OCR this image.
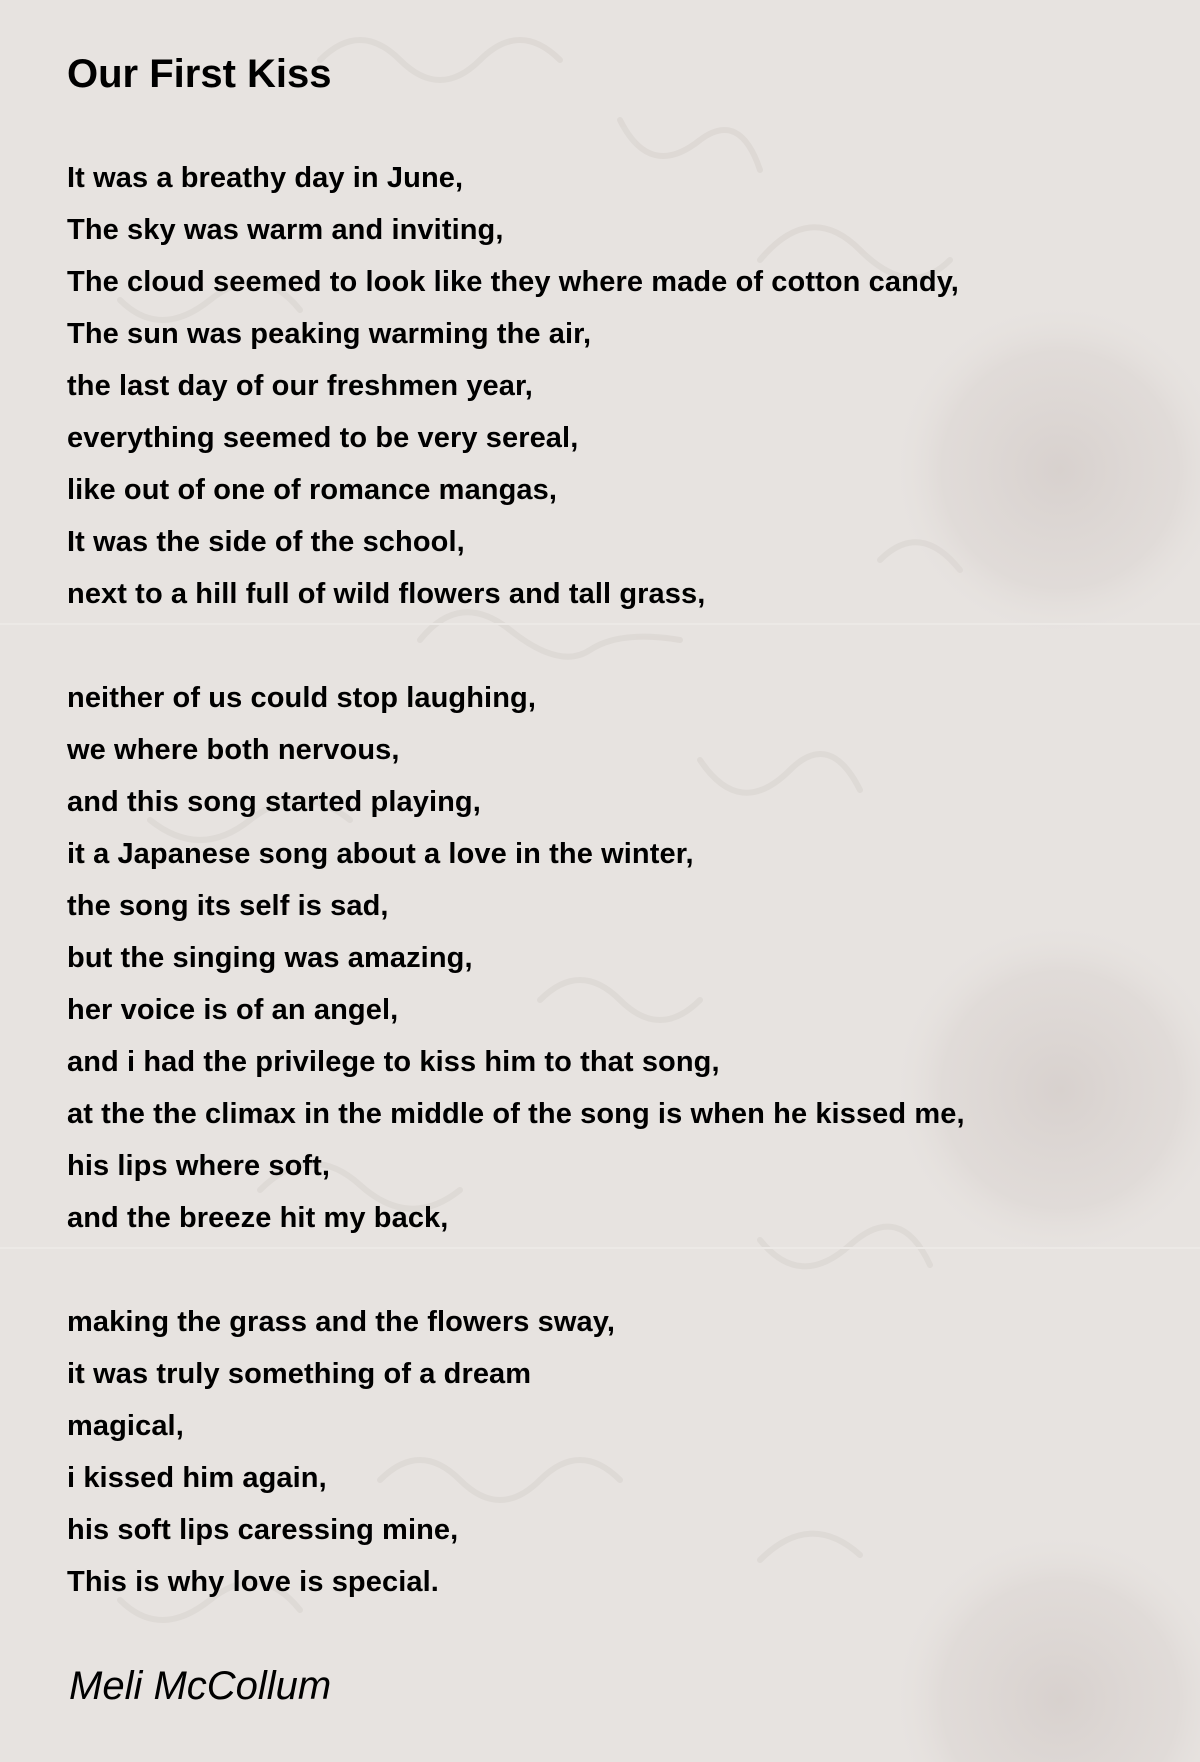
Our First Kiss
It was a breathy day in June,
The sky was warm and inviting,
The cloud seemed to look like they where made of cotton candy,
The sun was peaking warming the air,
the last day of our freshmen year,
everything seemed to be very sereal,
like out of one of romance mangas,
It was the side of the school,
next to a hill full of wild flowers and tall grass,
neither of us could stop laughing,
we where both nervous,
and this song started playing,
it a Japanese song about a love in the winter,
the song its self is sad,
but the singing was amazing,
her voice is of an angel,
and i had the privilege to kiss him to that song,
at the the climax in the middle of the song is when he kissed me,
his lips where soft,
and the breeze hit my back,
making the grass and the flowers sway,
it was truly something of a dream
magical,
i kissed him again,
his soft lips caressing mine,
This is why love is special.

Meli McCollum
